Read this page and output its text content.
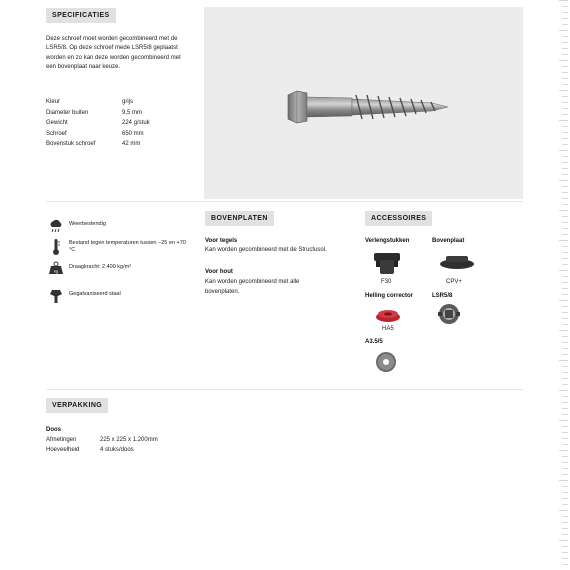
SPECIFICATIES
Deze schroef moet worden gecombineerd met de LSR5/8. Op deze schroef mede LSR5/8 geplaatst worden en zo kan deze worden gecombineerd met een bovenplaat naar keuze.
Kleur	grijs
Diameter buiten	9,5 mm
Gewicht	224 g/stuk
Schroef	650 mm
Bovenstuk schroef	42 mm
Weerbestendig
Bestand tegen temperaturen tussen −25 en +70 °C
kg
Draagkracht: 2.400 kg/m²
Gegalvaniseerd staal
BOVENPLATEN
Voor tegels
Kan worden gecombineerd met de Structusol.
Voor hout
Kan worden gecombineerd met alle bovenplaten.
ACCESSOIRES
Verlengstukken
F30
Bovenplaat
CPV+
Helling corrector
HA5
LSR5/8
A3.5/5
VERPAKKING
Doos
Afmetingen	225 x 225 x 1.200mm
Hoeveelheid	4 stuks/doos
